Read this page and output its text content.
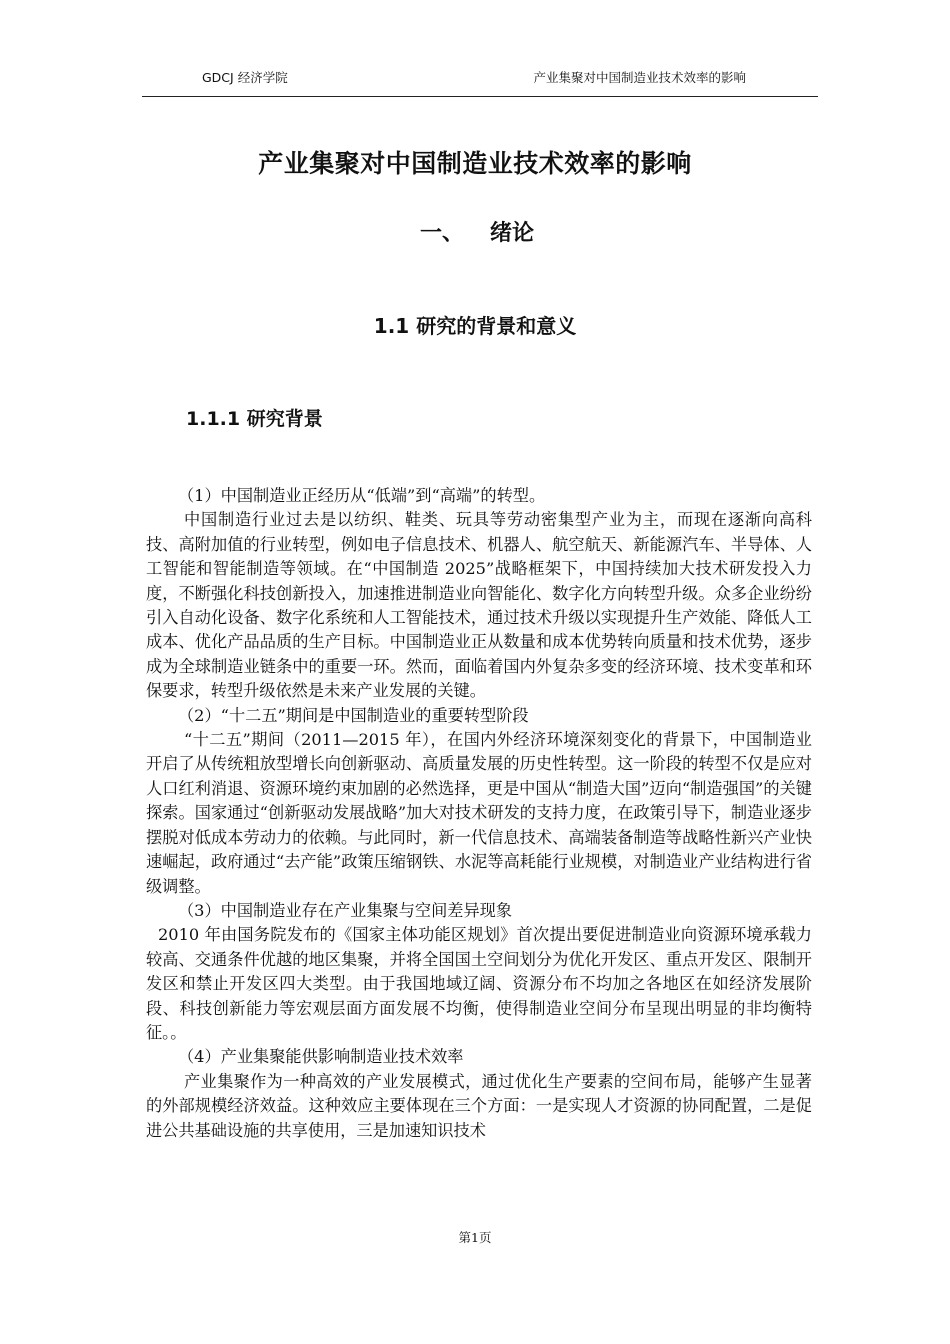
GDCJ 经济学院	产业集聚对中国制造业技术效率的影响
产业集聚对中国制造业技术效率的影响
一、 绪论
1.1 研究的背景和意义
1.1.1 研究背景

（1）中国制造业正经历从“低端”到“高端”的转型。

中国制造行业过去是以纺织、鞋类、玩具等劳动密集型产业为主，而现在逐渐向高科技、高附加值的行业转型，例如电子信息技术、机器人、航空航天、新能源汽车、半导体、人工智能和智能制造等领域。在“中国制造 2025”战略框架下，中国持续加大技术研发投入力度，不断强化科技创新投入，加速推进制造业向智能化、数字化方向转型升级。众多企业纷纷引入自动化设备、数字化系统和人工智能技术，通过技术升级以实现提升生产效能、降低人工成本、优化产品品质的生产目标。中国制造业正从数量和成本优势转向质量和技术优势，逐步成为全球制造业链条中的重要一环。然而，面临着国内外复杂多变的经济环境、技术变革和环保要求，转型升级依然是未来产业发展的关键。

（2）“十二五”期间是中国制造业的重要转型阶段

“十二五”期间（2011—2015 年），在国内外经济环境深刻变化的背景下，中国制造业开启了从传统粗放型增长向创新驱动、高质量发展的历史性转型。这一阶段的转型不仅是应对人口红利消退、资源环境约束加剧的必然选择，更是中国从“制造大国”迈向“制造强国”的关键探索。国家通过“创新驱动发展战略”加大对技术研发的支持力度，在政策引导下，制造业逐步摆脱对低成本劳动力的依赖。与此同时，新一代信息技术、高端装备制造等战略性新兴产业快速崛起，政府通过“去产能”政策压缩钢铁、水泥等高耗能行业规模，对制造业产业结构进行省级调整。

（3）中国制造业存在产业集聚与空间差异现象

2010 年由国务院发布的《国家主体功能区规划》首次提出要促进制造业向资源环境承载力较高、交通条件优越的地区集聚，并将全国国土空间划分为优化开发区、重点开发区、限制开发区和禁止开发区四大类型。由于我国地域辽阔、资源分布不均加之各地区在如经济发展阶段、科技创新能力等宏观层面方面发展不均衡，使得制造业空间分布呈现出明显的非均衡特征。。

（4）产业集聚能供影响制造业技术效率

产业集聚作为一种高效的产业发展模式，通过优化生产要素的空间布局，能够产生显著的外部规模经济效益。这种效应主要体现在三个方面：一是实现人才资源的协同配置，二是促进公共基础设施的共享使用，三是加速知识技术

第1页
